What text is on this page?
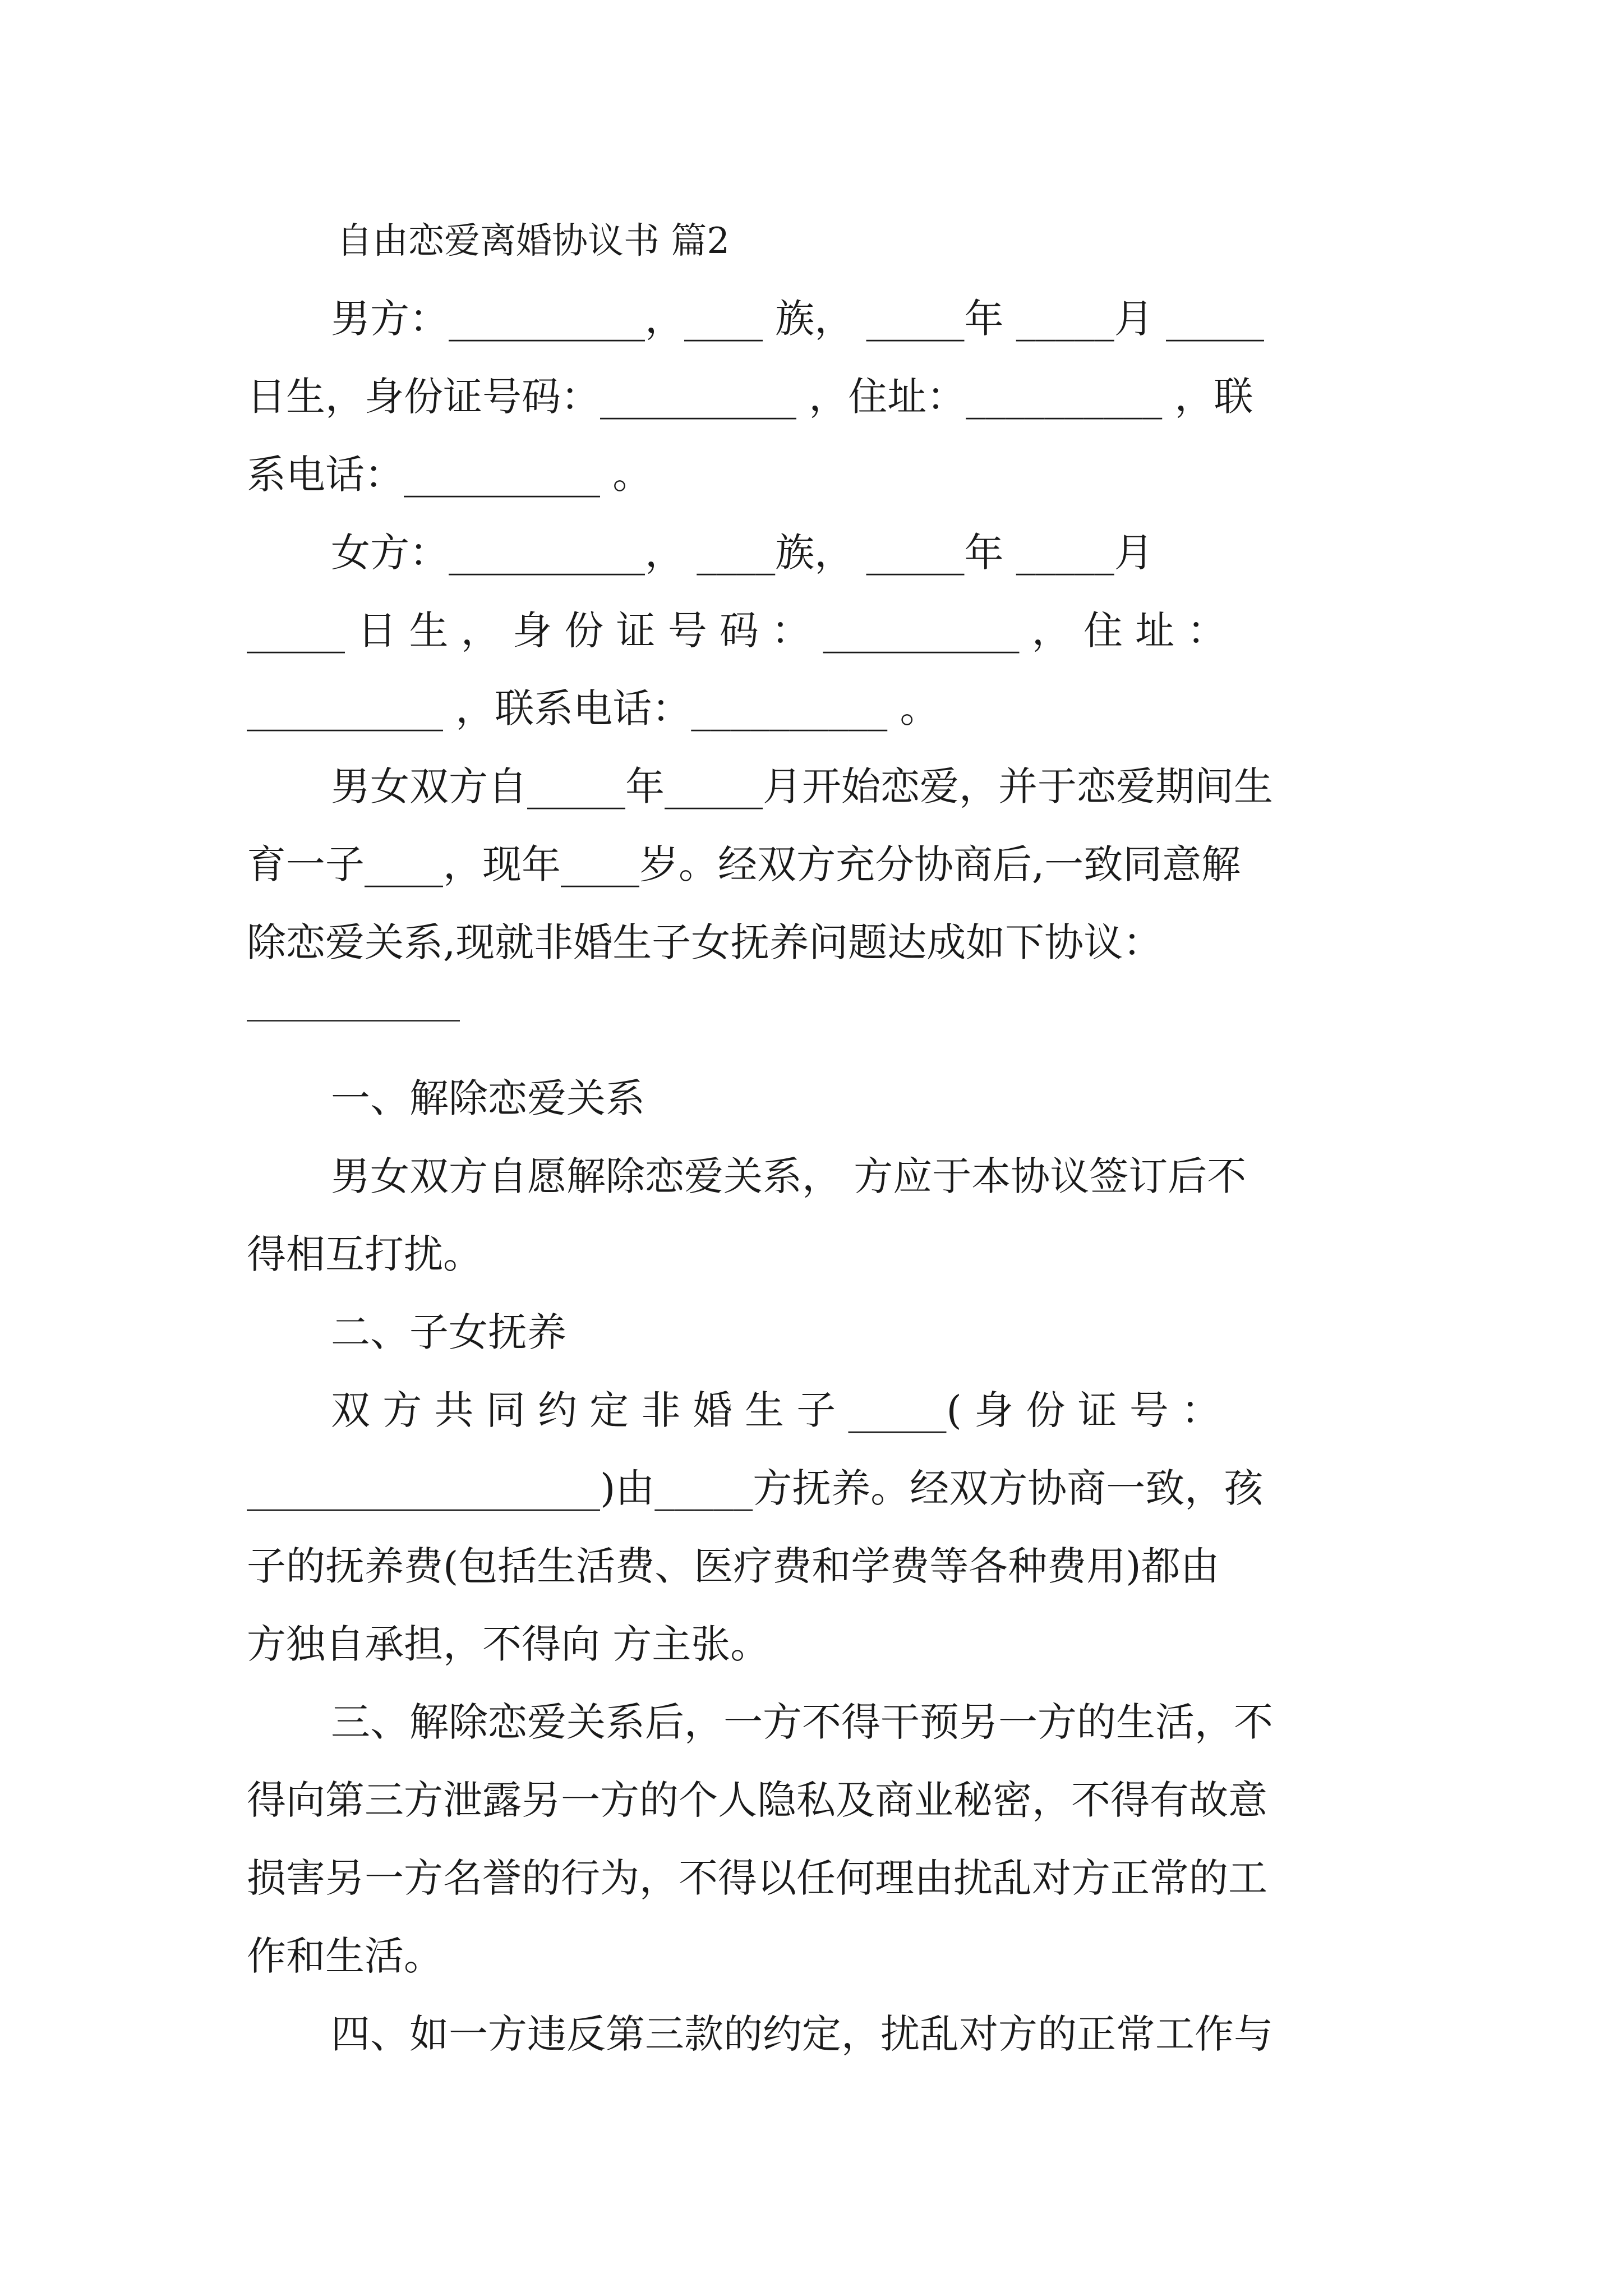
自由恋爱离婚协议书 篇2
男方：__________，____ 族， _____年 _____月 _____
日生，身份证号码：__________ ，住址：__________ ，联
系电话：__________ 。
女方：__________， ____族， _____年 _____月
_____ 日 生 ， 身 份 证 号 码 ： __________ ， 住 址 ：
__________ ，联系电话：__________ 。
男女双方自_____年_____月开始恋爱，并于恋爱期间生
育一子____，现年____岁。经双方充分协商后,一致同意解
除恋爱关系,现就非婚生子女抚养问题达成如下协议：
一、解除恋爱关系
男女双方自愿解除恋爱关系， 方应于本协议签订后不
得相互打扰。
二、子女抚养
双 方 共 同 约 定 非 婚 生 子 _____( 身 份 证 号 ：
__________________)由_____方抚养。经双方协商一致，孩
子的抚养费(包括生活费、医疗费和学费等各种费用)都由
方独自承担，不得向 方主张。
三、解除恋爱关系后，一方不得干预另一方的生活，不
得向第三方泄露另一方的个人隐私及商业秘密，不得有故意
损害另一方名誉的行为，不得以任何理由扰乱对方正常的工
作和生活。
四、如一方违反第三款的约定，扰乱对方的正常工作与
